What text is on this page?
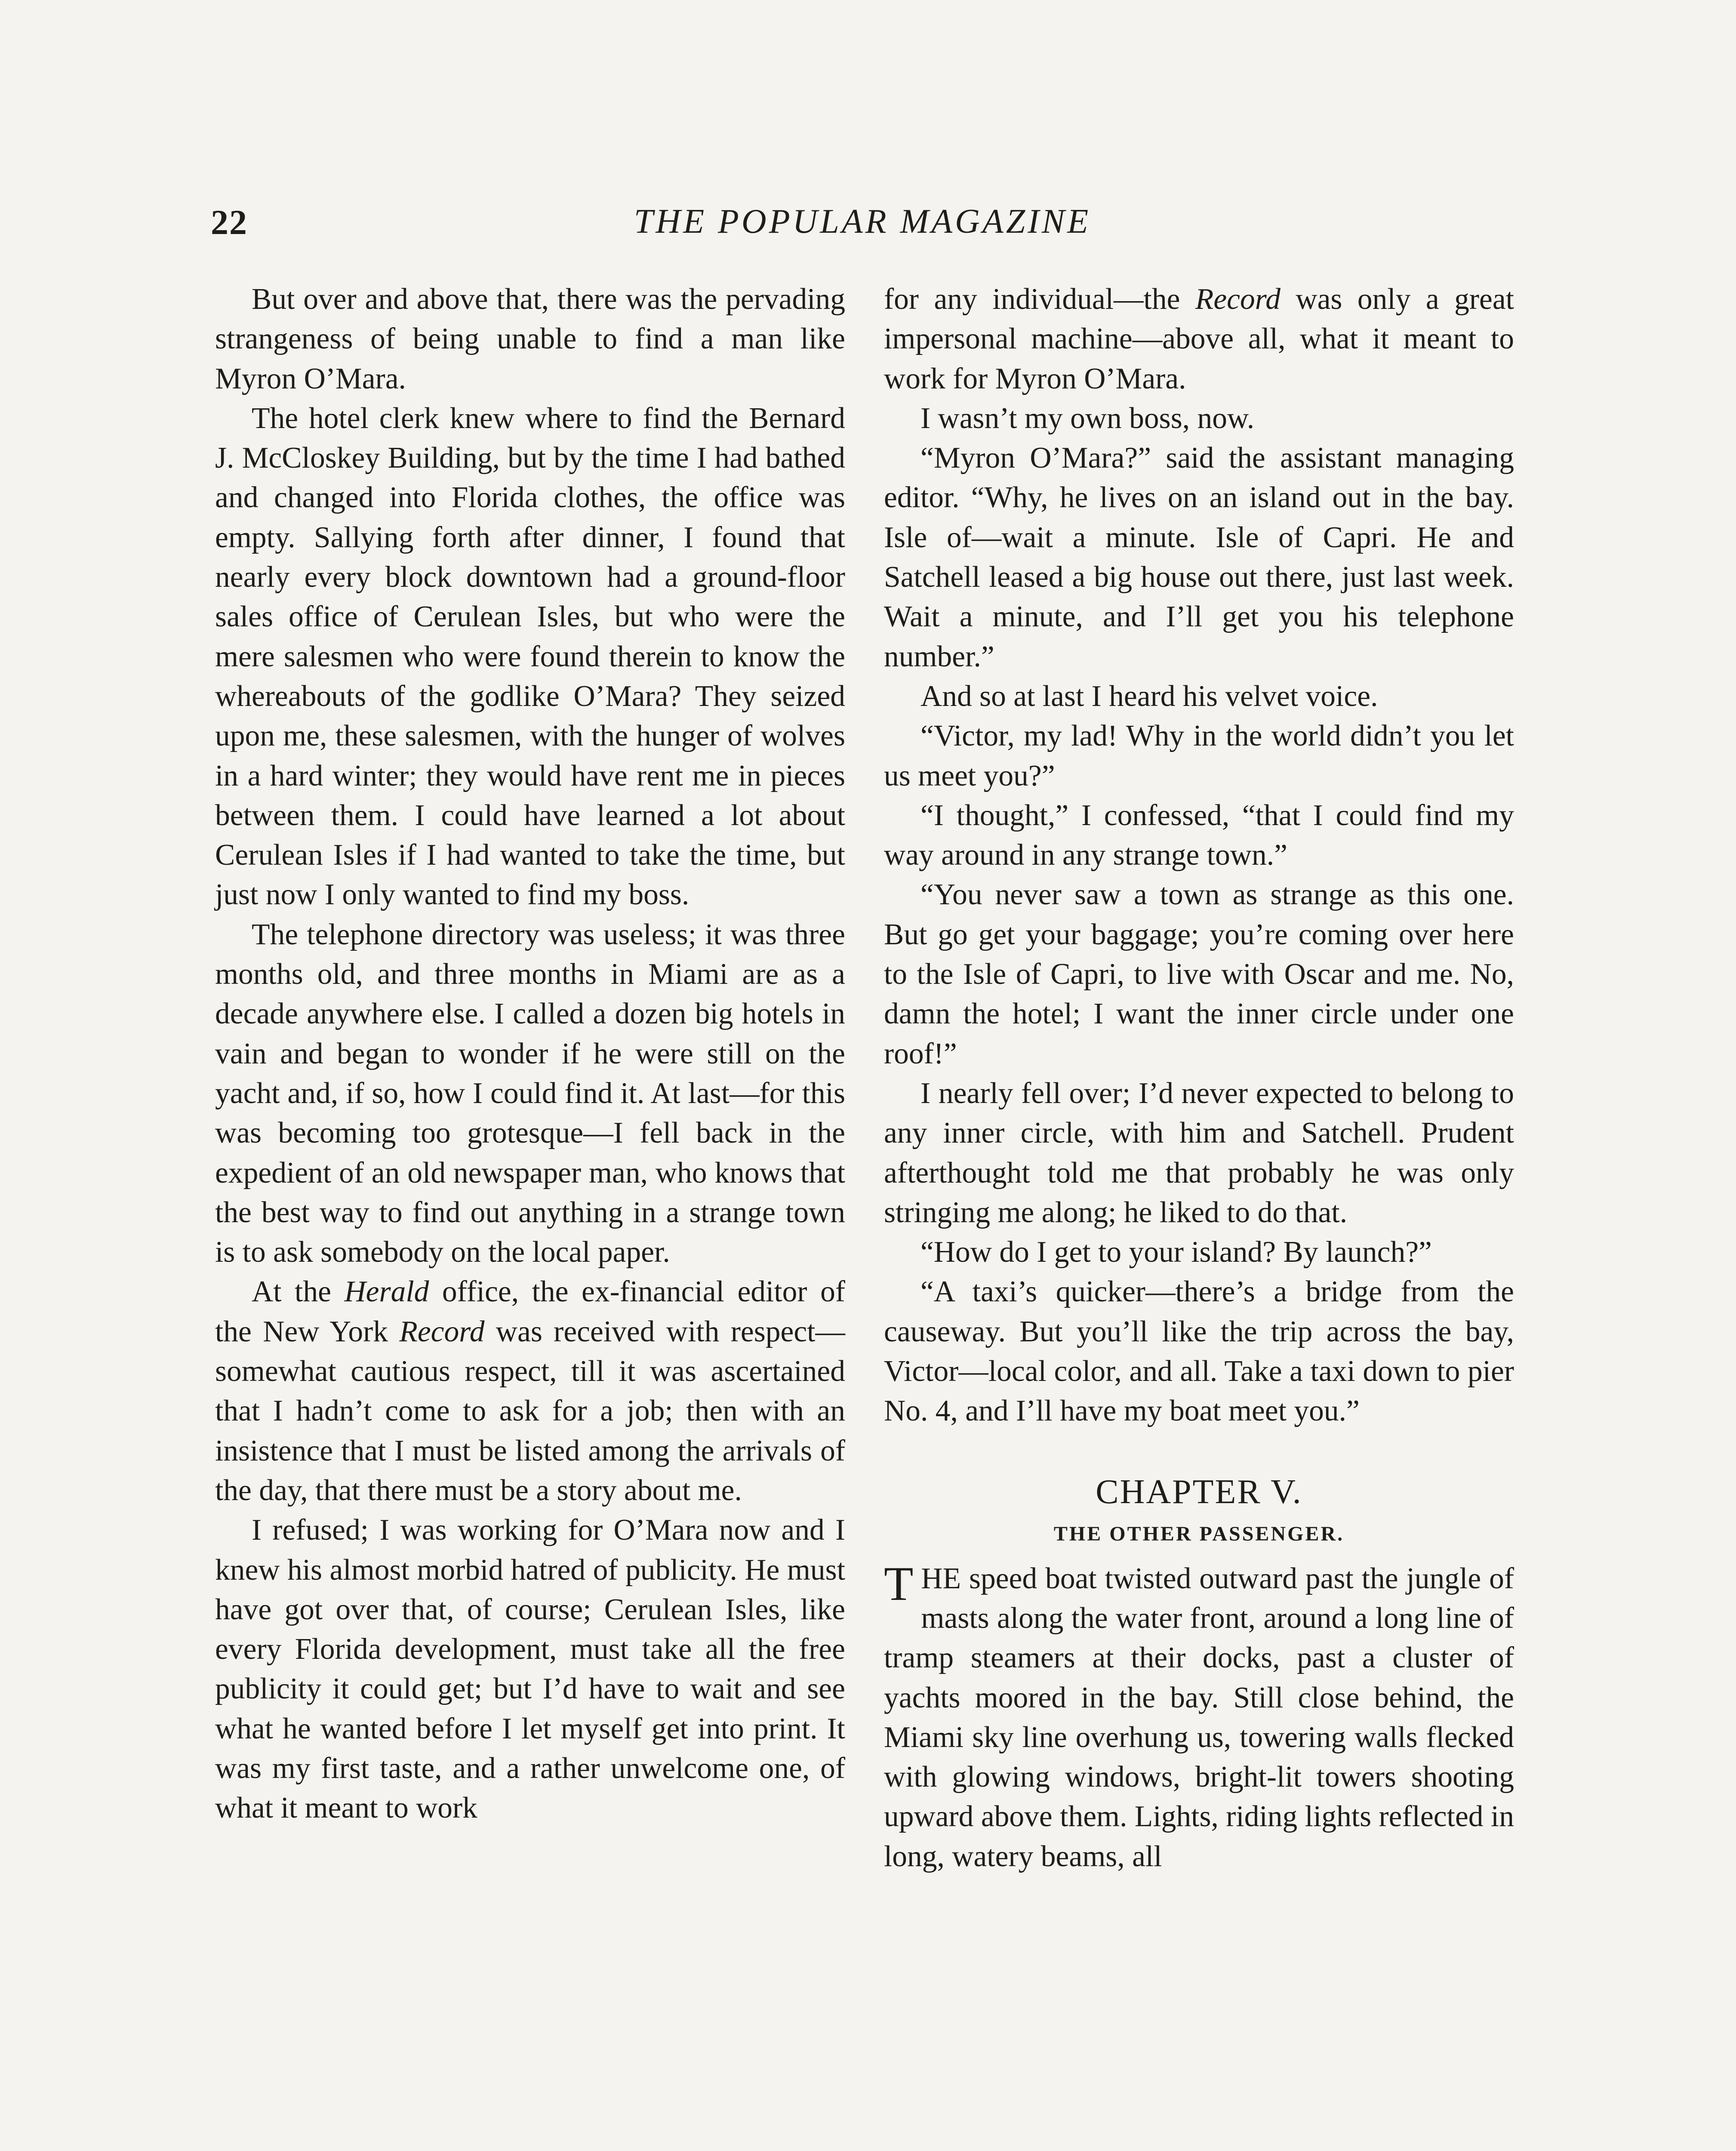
22	THE POPULAR MAGAZINE

But over and above that, there was the pervading strangeness of being unable to find a man like Myron O’Mara.

The hotel clerk knew where to find the Bernard J. McCloskey Building, but by the time I had bathed and changed into Florida clothes, the office was empty. Sallying forth after dinner, I found that nearly every block downtown had a ground-floor sales office of Cerulean Isles, but who were the mere salesmen who were found therein to know the whereabouts of the godlike O’Mara? They seized upon me, these salesmen, with the hunger of wolves in a hard winter; they would have rent me in pieces between them. I could have learned a lot about Cerulean Isles if I had wanted to take the time, but just now I only wanted to find my boss.

The telephone directory was useless; it was three months old, and three months in Miami are as a decade anywhere else. I called a dozen big hotels in vain and began to wonder if he were still on the yacht and, if so, how I could find it. At last—for this was becoming too grotesque—I fell back in the expedient of an old newspaper man, who knows that the best way to find out anything in a strange town is to ask somebody on the local paper.

At the Herald office, the ex-financial editor of the New York Record was received with respect—somewhat cautious respect, till it was ascertained that I hadn’t come to ask for a job; then with an insistence that I must be listed among the arrivals of the day, that there must be a story about me.

I refused; I was working for O’Mara now and I knew his almost morbid hatred of publicity. He must have got over that, of course; Cerulean Isles, like every Florida development, must take all the free publicity it could get; but I’d have to wait and see what he wanted before I let myself get into print. It was my first taste, and a rather unwelcome one, of what it meant to work

for any individual—the Record was only a great impersonal machine—above all, what it meant to work for Myron O’Mara.

I wasn’t my own boss, now.

“Myron O’Mara?” said the assistant managing editor. “Why, he lives on an island out in the bay. Isle of—wait a minute. Isle of Capri. He and Satchell leased a big house out there, just last week. Wait a minute, and I’ll get you his telephone number.”

And so at last I heard his velvet voice.

“Victor, my lad! Why in the world didn’t you let us meet you?”

“I thought,” I confessed, “that I could find my way around in any strange town.”

“You never saw a town as strange as this one. But go get your baggage; you’re coming over here to the Isle of Capri, to live with Oscar and me. No, damn the hotel; I want the inner circle under one roof!”

I nearly fell over; I’d never expected to belong to any inner circle, with him and Satchell. Prudent afterthought told me that probably he was only stringing me along; he liked to do that.

“How do I get to your island? By launch?”

“A taxi’s quicker—there’s a bridge from the causeway. But you’ll like the trip across the bay, Victor—local color, and all. Take a taxi down to pier No. 4, and I’ll have my boat meet you.”

CHAPTER V.
THE OTHER PASSENGER.

THE speed boat twisted outward past the jungle of masts along the water front, around a long line of tramp steamers at their docks, past a cluster of yachts moored in the bay. Still close behind, the Miami sky line overhung us, towering walls flecked with glowing windows, bright-lit towers shooting upward above them. Lights, riding lights reflected in long, watery beams, all
